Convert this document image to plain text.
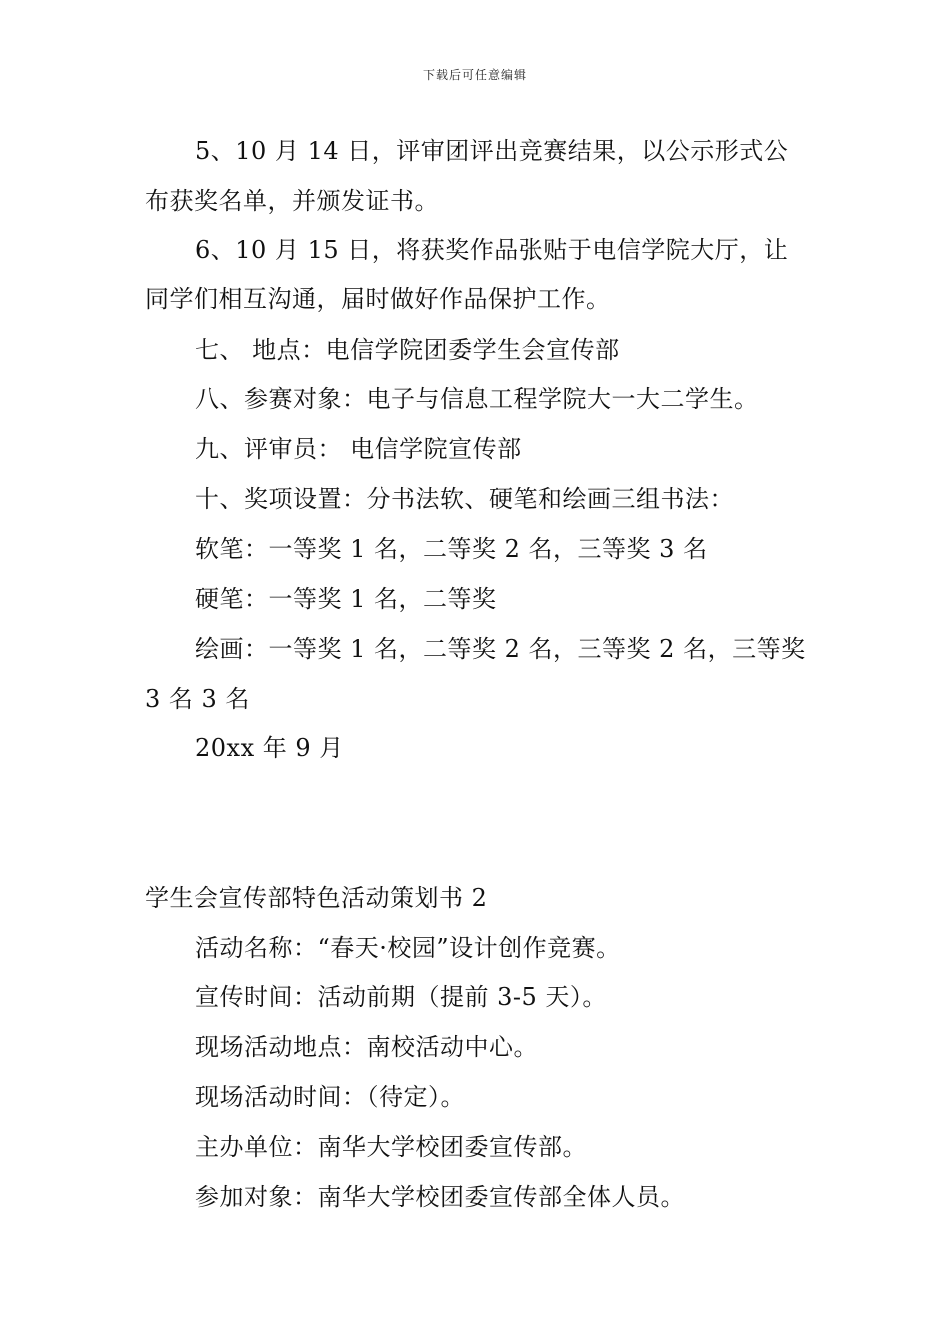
下载后可任意编辑
5、10 月 14 日，评审团评出竞赛结果，以公示形式公
布获奖名单，并颁发证书。
6、10 月 15 日，将获奖作品张贴于电信学院大厅，让
同学们相互沟通，届时做好作品保护工作。
七、 地点：电信学院团委学生会宣传部
八、参赛对象：电子与信息工程学院大一大二学生。
九、评审员： 电信学院宣传部
十、奖项设置：分书法软、硬笔和绘画三组书法：
软笔：一等奖 1 名，二等奖 2 名，三等奖 3 名
硬笔：一等奖 1 名，二等奖
绘画：一等奖 1 名，二等奖 2 名，三等奖 2 名，三等奖
3 名 3 名
20xx 年 9 月
学生会宣传部特色活动策划书 2
活动名称：“春天·校园”设计创作竞赛。
宣传时间：活动前期（提前 3-5 天）。
现场活动地点：南校活动中心。
现场活动时间：（待定）。
主办单位：南华大学校团委宣传部。
参加对象：南华大学校团委宣传部全体人员。
